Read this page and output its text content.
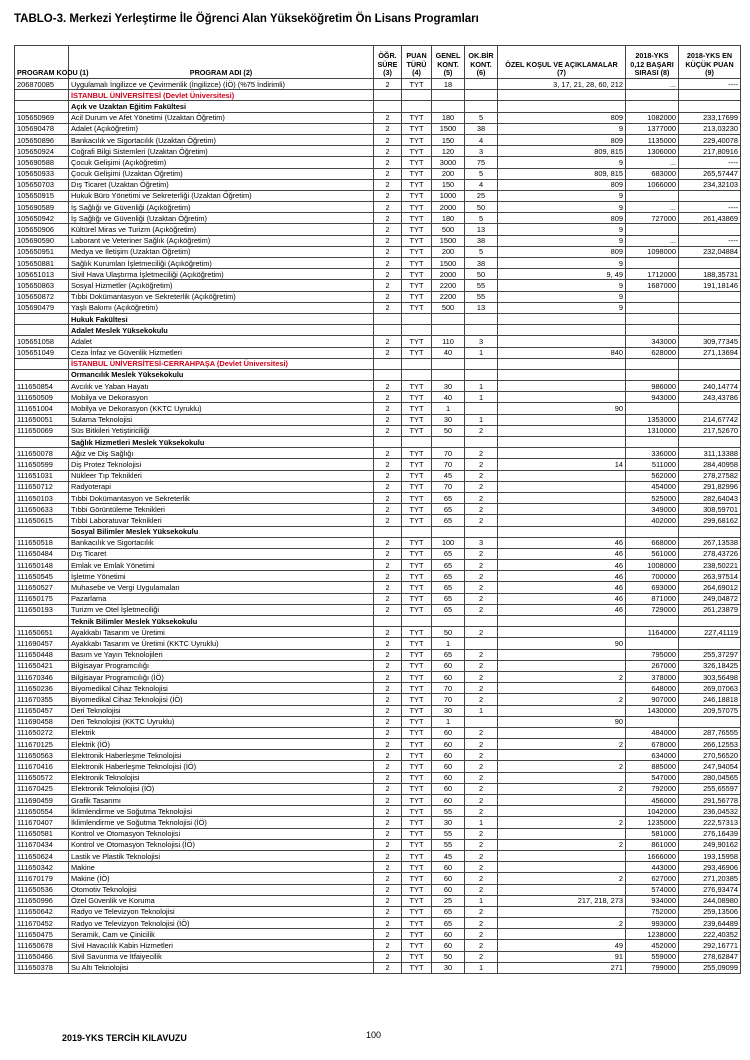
TABLO-3. Merkezi Yerleştirme İle Öğrenci Alan Yükseköğretim Ön Lisans Programları
PROGRAM KODU (1)	PROGRAM ADI (2)	ÖĞR. SÜRE (3)	PUAN TÜRÜ (4)	GENEL KONT. (5)	OK.BİR KONT. (6)	ÖZEL KOŞUL VE AÇIKLAMALAR (7)	2018-YKS 0,12 BAŞARI SIRASI (8)	2018-YKS EN KÜÇÜK PUAN (9)
206870085	Uygulamalı İngilizce ve Çevirmenlik (İngilizce) (İÖ) (%75 İndirimli)	2	TYT	18		3, 17, 21, 28, 60, 212	...	----
	İSTANBUL ÜNİVERSİTESİ (Devlet Üniversitesi)							
	Açık ve Uzaktan Eğitim Fakültesi							
105650969	Acil Durum ve Afet Yönetimi (Uzaktan Öğretim)	2	TYT	180	5	809	1082000	233,17699
105690478	Adalet (Açıköğretim)	2	TYT	1500	38	9	1377000	213,03230
105650896	Bankacılık ve Sigortacılık (Uzaktan Öğretim)	2	TYT	150	4	809	1135000	229,40078
105650924	Coğrafi Bilgi Sistemleri (Uzaktan Öğretim)	2	TYT	120	3	809, 815	1306000	217,80916
105690588	Çocuk Gelişimi (Açıköğretim)	2	TYT	3000	75	9	...	----
105650933	Çocuk Gelişimi (Uzaktan Öğretim)	2	TYT	200	5	809, 815	683000	265,57447
105650703	Dış Ticaret (Uzaktan Öğretim)	2	TYT	150	4	809	1066000	234,32103
105650915	Hukuk Büro Yönetimi ve Sekreterliği (Uzaktan Öğretim)	2	TYT	1000	25	9		
105690589	İş Sağlığı ve Güvenliği (Açıköğretim)	2	TYT	2000	50	9	...	----
105650942	İş Sağlığı ve Güvenliği (Uzaktan Öğretim)	2	TYT	180	5	809	727000	261,43869
105650906	Kültürel Miras ve Turizm (Açıköğretim)	2	TYT	500	13	9		
105690590	Laborant ve Veteriner Sağlık (Açıköğretim)	2	TYT	1500	38	9	...	----
105650951	Medya ve İletişim (Uzaktan Öğretim)	2	TYT	200	5	809	1098000	232,04884
105650881	Sağlık Kurumları İşletmeciliği (Açıköğretim)	2	TYT	1500	38	9		
105651013	Sivil Hava Ulaştırma İşletmeciliği (Açıköğretim)	2	TYT	2000	50	9, 49	1712000	188,35731
105650863	Sosyal Hizmetler (Açıköğretim)	2	TYT	2200	55	9	1687000	191,18146
105650872	Tıbbi Dokümantasyon ve Sekreterlik (Açıköğretim)	2	TYT	2200	55	9		
105690479	Yaşlı Bakımı (Açıköğretim)	2	TYT	500	13	9		
	Hukuk Fakültesi							
	Adalet Meslek Yüksekokulu							
105651058	Adalet	2	TYT	110	3		343000	309,77345
105651049	Ceza İnfaz ve Güvenlik Hizmetleri	2	TYT	40	1	840	628000	271,13694
	İSTANBUL ÜNİVERSİTESİ-CERRAHPAŞA (Devlet Üniversitesi)							
	Ormancılık Meslek Yüksekokulu							
111650854	Avcılık ve Yaban Hayatı	2	TYT	30	1		986000	240,14774
111650509	Mobilya ve Dekorasyon	2	TYT	40	1		943000	243,43786
111651004	Mobilya ve Dekorasyon (KKTC Uyruklu)	2	TYT	1		90		
111650051	Sulama Teknolojisi	2	TYT	30	1		1353000	214,67742
111650069	Süs Bitkileri Yetiştiriciliği	2	TYT	50	2		1310000	217,52670
	Sağlık Hizmetleri Meslek Yüksekokulu							
111650078	Ağız ve Diş Sağlığı	2	TYT	70	2		336000	311,13388
111650599	Diş Protez Teknolojisi	2	TYT	70	2	14	511000	284,40958
111651031	Nükleer Tıp Teknikleri	2	TYT	45	2		562000	278,27582
111650712	Radyoterapi	2	TYT	70	2		454000	291,82996
111650103	Tıbbi Dokümantasyon ve Sekreterlik	2	TYT	65	2		525000	282,64043
111650633	Tıbbi Görüntüleme Teknikleri	2	TYT	65	2		349000	308,59701
111650615	Tıbbi Laboratuvar Teknikleri	2	TYT	65	2		402000	299,68162
	Sosyal Bilimler Meslek Yüksekokulu							
111650518	Bankacılık ve Sigortacılık	2	TYT	100	3	46	668000	267,13538
111650484	Dış Ticaret	2	TYT	65	2	46	561000	278,43726
111650148	Emlak ve Emlak Yönetimi	2	TYT	65	2	46	1008000	238,50221
111650545	İşletme Yönetimi	2	TYT	65	2	46	700000	263,97514
111650527	Muhasebe ve Vergi Uygulamaları	2	TYT	65	2	46	693000	264,69012
111650175	Pazarlama	2	TYT	65	2	46	871000	249,04872
111650193	Turizm ve Otel İşletmeciliği	2	TYT	65	2	46	729000	261,23879
	Teknik Bilimler Meslek Yüksekokulu							
111650651	Ayakkabı Tasarım ve Üretimi	2	TYT	50	2		1164000	227,41119
111690457	Ayakkabı Tasarım ve Üretimi (KKTC Uyruklu)	2	TYT	1		90		
111650448	Basım ve Yayın Teknolojileri	2	TYT	65	2		795000	255,37297
111650421	Bilgisayar Programcılığı	2	TYT	60	2		267000	326,18425
111670346	Bilgisayar Programcılığı (İÖ)	2	TYT	60	2	2	378000	303,56498
111650236	Biyomedikal Cihaz Teknolojisi	2	TYT	70	2		648000	269,07063
111670355	Biyomedikal Cihaz Teknolojisi (İÖ)	2	TYT	70	2	2	907000	246,18818
111650457	Deri Teknolojisi	2	TYT	30	1		1430000	209,57075
111690458	Deri Teknolojisi (KKTC Uyruklu)	2	TYT	1		90		
111650272	Elektrik	2	TYT	60	2		484000	287,76555
111670125	Elektrik (İÖ)	2	TYT	60	2	2	678000	266,12553
111650563	Elektronik Haberleşme Teknolojisi	2	TYT	60	2		634000	270,56520
111670416	Elektronik Haberleşme Teknolojisi (İÖ)	2	TYT	60	2	2	885000	247,94054
111650572	Elektronik Teknolojisi	2	TYT	60	2		547000	280,04565
111670425	Elektronik Teknolojisi (İÖ)	2	TYT	60	2	2	792000	255,65597
111690459	Grafik Tasarımı	2	TYT	60	2		456000	291,56778
111650554	İklimlendirme ve Soğutma Teknolojisi	2	TYT	55	2		1042000	236,04532
111670407	İklimlendirme ve Soğutma Teknolojisi (İÖ)	2	TYT	30	1	2	1235000	222,57313
111650581	Kontrol ve Otomasyon Teknolojisi	2	TYT	55	2		581000	276,16439
111670434	Kontrol ve Otomasyon Teknolojisi (İÖ)	2	TYT	55	2	2	861000	249,90162
111650624	Lastik ve Plastik Teknolojisi	2	TYT	45	2		1666000	193,15958
111650342	Makine	2	TYT	60	2		443000	293,46906
111670179	Makine (İÖ)	2	TYT	60	2	2	627000	271,20385
111650536	Otomotiv Teknolojisi	2	TYT	60	2		574000	276,93474
111650996	Özel Güvenlik ve Koruma	2	TYT	25	1	217, 218, 273	934000	244,08980
111650642	Radyo ve Televizyon Teknolojisi	2	TYT	65	2		752000	259,13506
111670452	Radyo ve Televizyon Teknolojisi (İÖ)	2	TYT	65	2	2	993000	239,64489
111650475	Seramik, Cam ve Çinicilik	2	TYT	60	2		1238000	222,40352
111650678	Sivil Havacılık Kabin Hizmetleri	2	TYT	60	2	49	452000	292,16771
111650466	Sivil Savunma ve İtfaiyecilik	2	TYT	50	2	91	559000	278,62847
111650378	Su Altı Teknolojisi	2	TYT	30	1	271	799000	255,09099
2019-YKS TERCİH KILAVUZU	100
